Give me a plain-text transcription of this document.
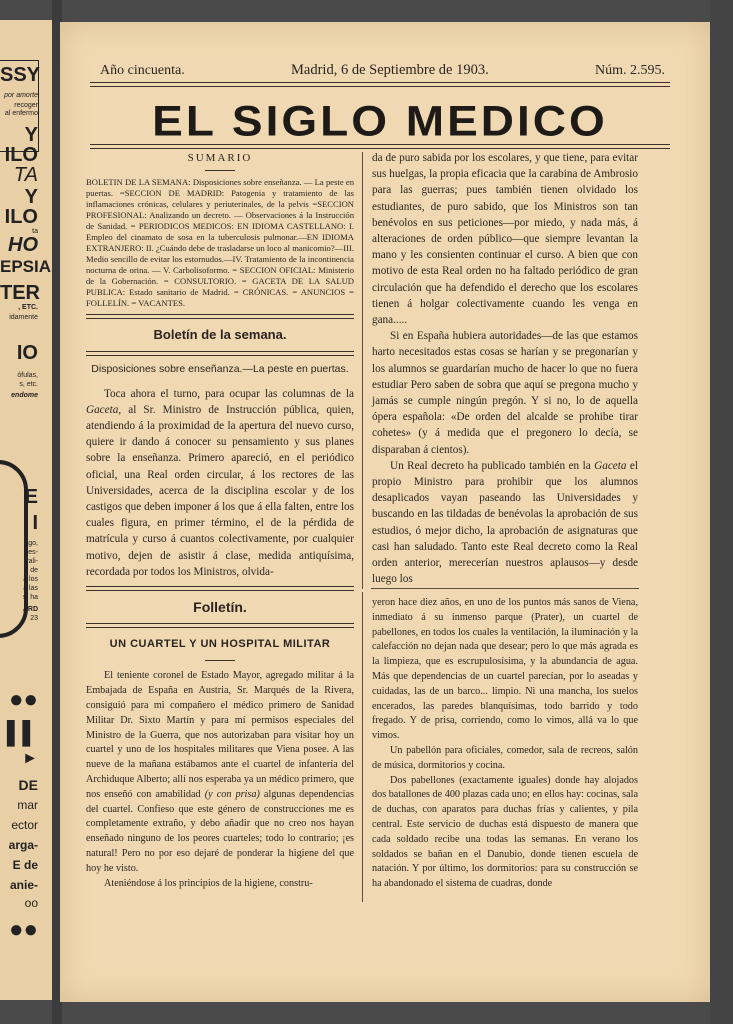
SSY
por amorte
recoger
al enfermo
Y
ILO
TA
Y
ILO
ta
HO
EPSIA
TER
, ETC.
idamente
IO
ófulas,
s, etc.
endome
E
I
ago,
es-
rali-
de
á los
á las
s, ha
ARD
23
●●
▌▌
►
DE
mar
ector
arga-
E de
anie-
oo
●●
Año cincuenta.	Madrid, 6 de Septiembre de 1903.	Núm. 2.595.
EL SIGLO MEDICO
SUMARIO
BOLETIN DE LA SEMANA: Disposiciones sobre enseñanza. — La peste en puertas. =SECCION DE MADRID: Patogenia y tratamiento de las inflamaciones crónicas, celulares y periuterinales, de la pelvis =SECCION PROFESIONAL: Analizando un decreto. — Observaciones á la Instrucción de Sanidad. = PERIODICOS MEDICOS: EN IDIOMA CASTELLANO: I. Empleo del cinamato de sosa en la tuberculosis pulmonar.—EN IDIOMA EXTRANJERO: II. ¿Cuándo debe de trasladarse un loco al manicomio?—III. Medio sencillo de evitar los estornudos.—IV. Tratamiento de la incontinencia nocturna de orina. — V. Carbolisoformo. = SECCION OFICIAL: Ministerio de la Gobernación. = CONSULTORIO. = GACETA DE LA SALUD PUBLICA: Estado sanitario de Madrid. = CRÓNICAS. = ANUNCIOS = FOLLELÍN. = VACANTES.
Boletín de la semana.
Disposiciones sobre enseñanza.—La peste en puertas.

Toca ahora el turno, para ocupar las columnas de la Gaceta, al Sr. Ministro de Instrucción pública, quien, atendiendo á la proximidad de la apertura del nuevo curso, quiere ir dando á conocer su pensamiento y sus planes sobre la enseñanza. Primero apareció, en el periódico oficial, una Real orden circular, á los rectores de las Universidades, acerca de la disciplina escolar y de los castigos que deben imponer á los que á ella falten, entre los cuales figura, en primer término, el de la pérdida de matrícula y curso á cuantos colectivamente, por cualquier motivo, dejen de asistir á clase, medida antiquísima, recordada por todos los Ministros, olvida-

Folletín.
UN CUARTEL Y UN HOSPITAL MILITAR

El teniente coronel de Estado Mayor, agregado militar á la Embajada de España en Austria, Sr. Marqués de la Rivera, consiguió para mi compañero el médico primero de Sanidad Militar Dr. Sixto Martín y para mí permisos especiales del Ministro de la Guerra, que nos autorizaban para visitar hoy un cuartel y uno de los hospitales militares que Viena posee. A las nueve de la mañana estábamos ante el cuartel de infantería del Archiduque Alberto; allí nos esperaba ya un médico primero, que nos enseñó con amabilidad (y con prisa) algunas dependencias del cuartel. Confieso que este género de construcciones me es completamente extraño, y debo añadir que no creo nos hayan enseñado ninguno de los peores cuarteles; todo lo contrario; ¡es natural! Pero no por eso dejaré de ponderar la higiene del que hoy he visto.

Ateniéndose á los principios de la higiene, constru-

da de puro sabida por los escolares, y que tiene, para evitar sus huelgas, la propia eficacia que la carabina de Ambrosio para las guerras; pues también tienen olvidado los estudiantes, de puro sabido, que los Ministros son tan benévolos en sus peticiones—por miedo, y nada más, á alteraciones de orden público—que siempre levantan la mano y les consienten continuar el curso. A bien que con motivo de esta Real orden no ha faltado periódico de gran circulación que ha defendido el derecho que los escolares tienen á holgar colectivamente cuando les venga en gana.....

Si en España hubiera autoridades—de las que estamos harto necesitados estas cosas se harían y se pregonarían y los alumnos se guardarían mucho de hacer lo que no fuera estudiar Pero saben de sobra que aquí se pregona mucho y jamás se cumple ningún pregón. Y si no, lo de aquella ópera española: «De orden del alcalde se prohibe tirar cohetes» (y á medida que el pregonero lo decía, se disparaban á cientos).

Un Real decreto ha publicado también en la Gaceta el propio Ministro para prohibir que los alumnos desaplicados vayan paseando las Universidades y buscando en las tildadas de benévolas la aprobación de sus estudios, ó mejor dicho, la aprobación de asignaturas que casi han saludado. Tanto este Real decreto como la Real orden anterior, merecerían nuestros aplausos—y desde luego los

yeron hace diez años, en uno de los puntos más sanos de Viena, inmediato á su inmenso parque (Prater), un cuartel de pabellones, en todos los cuales la ventilación, la iluminación y la calefacción no dejan nada que desear; pero lo que más agrada es la limpieza, que es escrupulosísima, y la abundancia de agua. Más que dependencias de un cuartel parecían, por lo aseadas y cuidadas, las de un barco... limpio. Ni una mancha, los suelos encerados, las paredes blanquísimas, todo barrido y todo fregado. Y de prisa, corriendo, como lo vimos, allá va lo que vimos.

Un pabellón para oficiales, comedor, sala de recreos, salón de música, dormitorios y cocina.

Dos pabellones (exactamente iguales) donde hay alojados dos batallones de 400 plazas cada uno; en ellos hay: cocinas, sala de duchas, con aparatos para duchas frías y calientes, y pila central. Este servicio de duchas está dispuesto de manera que cada soldado recibe una todas las semanas. En verano los soldados se bañan en el Danubio, donde tienen escuela de natación. Y por último, los dormitorios: para su construcción se ha abandonado el sistema de cuadras, donde
